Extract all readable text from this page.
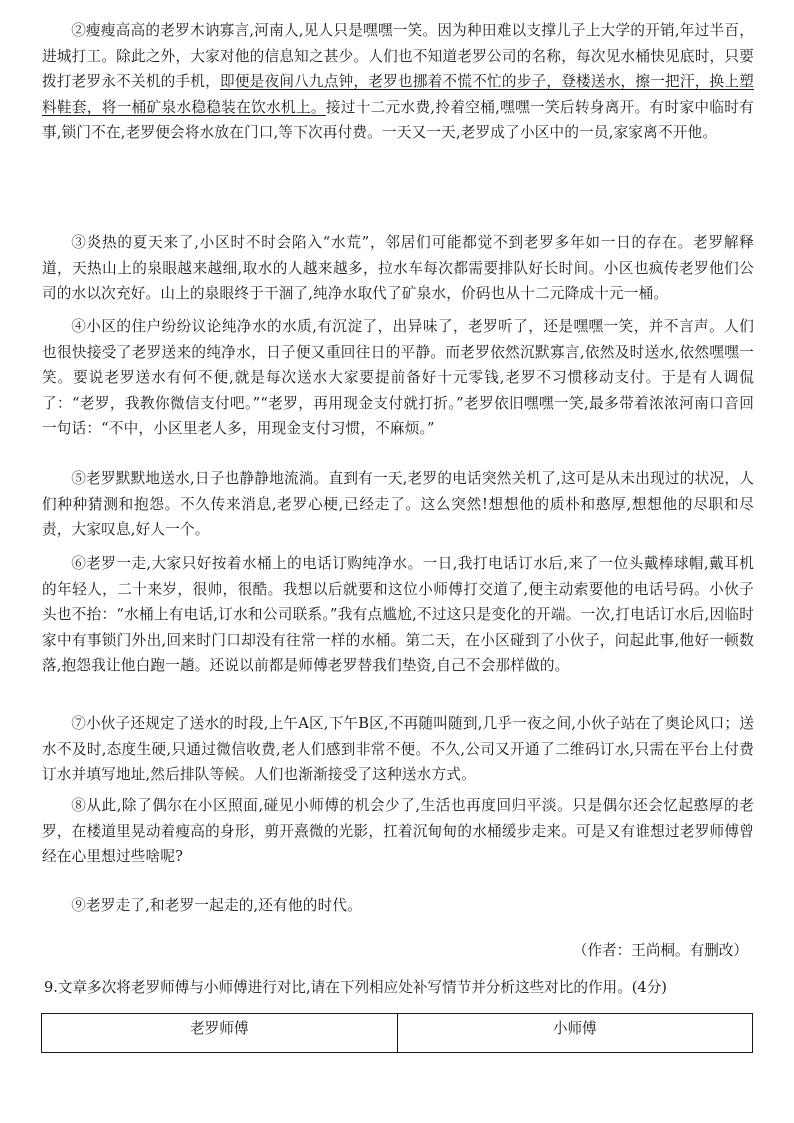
②瘦瘦高高的老罗木讷寡言,河南人,见人只是嘿嘿一笑。因为种田难以支撑儿子上大学的开销,年过半百，进城打工。除此之外，大家对他的信息知之甚少。人们也不知道老罗公司的名称，每次见水桶快见底时，只要拨打老罗永不关机的手机，即便是夜间八九点钟，老罗也挪着不慌不忙的步子，登楼送水，擦一把汗，换上塑料鞋套，将一桶矿泉水稳稳装在饮水机上。接过十二元水费,拎着空桶,嘿嘿一笑后转身离开。有时家中临时有事,锁门不在,老罗便会将水放在门口,等下次再付费。一天又一天,老罗成了小区中的一员,家家离不开他。

③炎热的夏天来了,小区时不时会陷入“水荒”，邻居们可能都觉不到老罗多年如一日的存在。老罗解释道，天热山上的泉眼越来越细,取水的人越来越多，拉水车每次都需要排队好长时间。小区也疯传老罗他们公司的水以次充好。山上的泉眼终于干涸了,纯净水取代了矿泉水，价码也从十二元降成十元一桶。

④小区的住户纷纷议论纯净水的水质,有沉淀了，出异味了，老罗听了，还是嘿嘿一笑，并不言声。人们也很快接受了老罗送来的纯净水，日子便又重回往日的平静。而老罗依然沉默寡言,依然及时送水,依然嘿嘿一笑。要说老罗送水有何不便,就是每次送水大家要提前备好十元零钱,老罗不习惯移动支付。于是有人调侃了：“老罗，我教你微信支付吧。”“老罗，再用现金支付就打折。”老罗依旧嘿嘿一笑,最多带着浓浓河南口音回一句话：“不中，小区里老人多，用现金支付习惯，不麻烦。”

⑤老罗默默地送水,日子也静静地流淌。直到有一天,老罗的电话突然关机了,这可是从未出现过的状况，人们种种猜测和抱怨。不久传来消息,老罗心梗,已经走了。这么突然!想想他的质朴和憨厚,想想他的尽职和尽责，大家叹息,好人一个。

⑥老罗一走,大家只好按着水桶上的电话订购纯净水。一日,我打电话订水后,来了一位头戴棒球帽,戴耳机的年轻人，二十来岁，很帅，很酷。我想以后就要和这位小师傅打交道了,便主动索要他的电话号码。小伙子头也不抬：“水桶上有电话,订水和公司联系。”我有点尴尬,不过这只是变化的开端。一次,打电话订水后,因临时家中有事锁门外出,回来时门口却没有往常一样的水桶。第二天，在小区碰到了小伙子，问起此事,他好一顿数落,抱怨我让他白跑一趟。还说以前都是师傅老罗替我们垫资,自己不会那样做的。

⑦小伙子还规定了送水的时段,上午A区,下午B区,不再随叫随到,几乎一夜之间,小伙子站在了奥论风口；送水不及时,态度生硬,只通过微信收费,老人们感到非常不便。不久,公司又开通了二维码订水,只需在平台上付费订水并填写地址,然后排队等候。人们也渐渐接受了这种送水方式。

⑧从此,除了偶尔在小区照面,碰见小师傅的机会少了,生活也再度回归平淡。只是偶尔还会忆起憨厚的老罗，在楼道里晃动着瘦高的身形，剪开熹微的光影，扛着沉甸甸的水桶缓步走来。可是又有谁想过老罗师傅曾经在心里想过些啥呢?

⑨老罗走了,和老罗一起走的,还有他的时代。

（作者：王尚桐。有删改）

9.文章多次将老罗师傅与小师傅进行对比,请在下列相应处补写情节并分析这些对比的作用。(4分)

老罗师傅	小师傅
